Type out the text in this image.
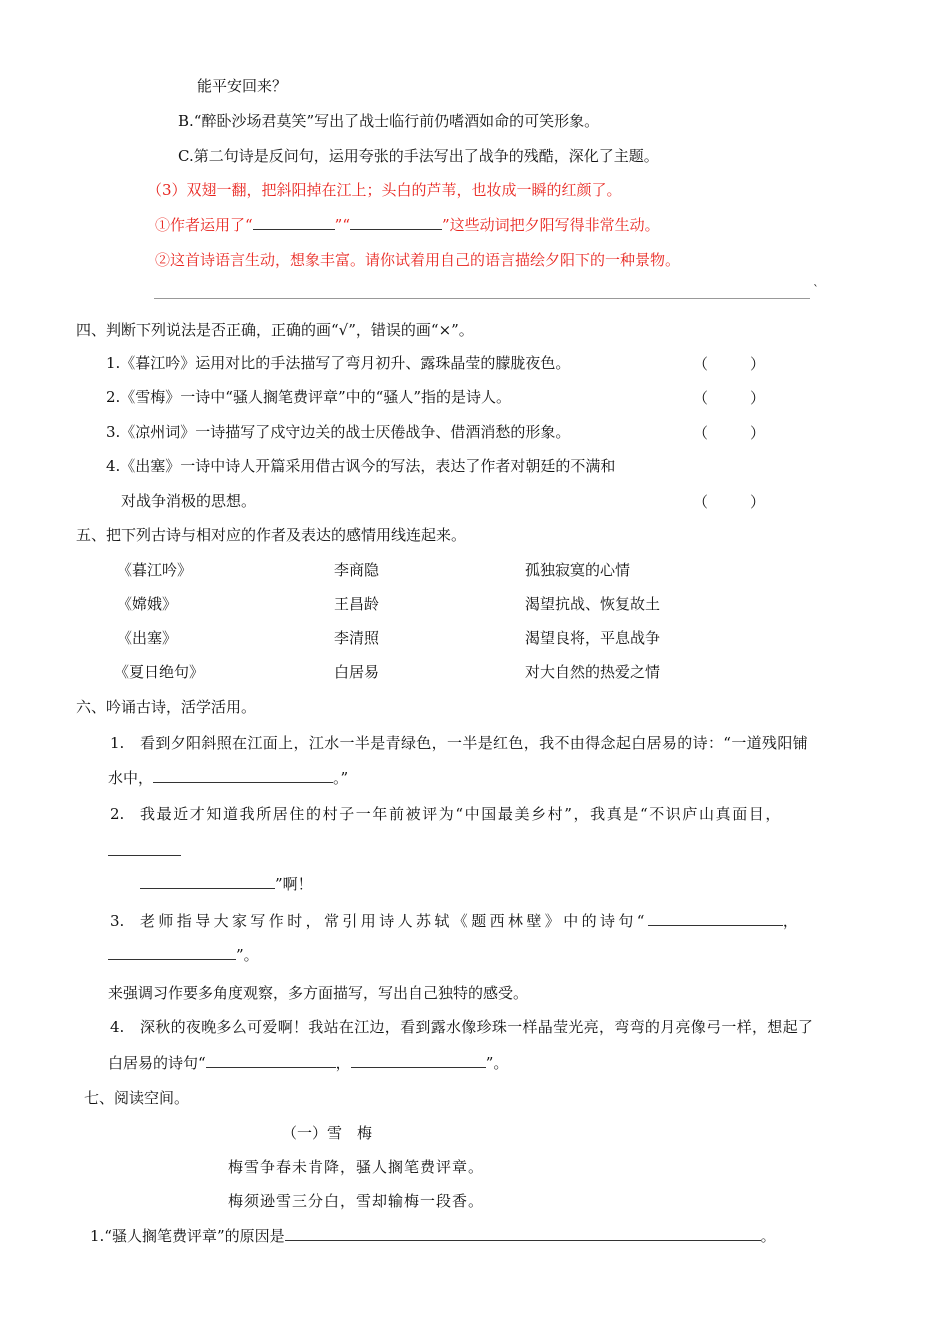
能平安回来？
B.“醉卧沙场君莫笑”写出了战士临行前仍嗜酒如命的可笑形象。
C.第二句诗是反问句，运用夸张的手法写出了战争的残酷，深化了主题。
（3）双翅一翻，把斜阳掉在江上；头白的芦苇，也妆成一瞬的红颜了。
①作者运用了“	”“	”这些动词把夕阳写得非常生动。
②这首诗语言生动，想象丰富。请你试着用自己的语言描绘夕阳下的一种景物。
`
四、判断下列说法是否正确，正确的画“√”，错误的画“×”。
1.《暮江吟》运用对比的手法描写了弯月初升、露珠晶莹的朦胧夜色。	（	）
2.《雪梅》一诗中“骚人搁笔费评章”中的“骚人”指的是诗人。	（	）
3.《凉州词》一诗描写了戍守边关的战士厌倦战争、借酒消愁的形象。	（	）
4.《出塞》一诗中诗人开篇采用借古讽今的写法，表达了作者对朝廷的不满和
对战争消极的思想。	（	）
五、把下列古诗与相对应的作者及表达的感情用线连起来。
《暮江吟》	李商隐	孤独寂寞的心情
《嫦娥》	王昌龄	渴望抗战、恢复故土
《出塞》	李清照	渴望良将，平息战争
《夏日绝句》	白居易	对大自然的热爱之情
六、吟诵古诗，活学活用。
1. 看到夕阳斜照在江面上，江水一半是青绿色，一半是红色，我不由得念起白居易的诗：“一道残阳铺
水中，	。”
2. 我最近才知道我所居住的村子一年前被评为“中国最美乡村”，我真是“不识庐山真面目，
”啊！
3. 老师指导大家写作时，常引用诗人苏轼《题西林壁》中的诗句“	，
”。
来强调习作要多角度观察，多方面描写，写出自己独特的感受。
4. 深秋的夜晚多么可爱啊！我站在江边，看到露水像珍珠一样晶莹光亮，弯弯的月亮像弓一样，想起了
白居易的诗句“	，	”。
七、阅读空间。
（一）雪　梅
梅雪争春未肯降，骚人搁笔费评章。
梅须逊雪三分白，雪却输梅一段香。
1.“骚人搁笔费评章”的原因是	。
